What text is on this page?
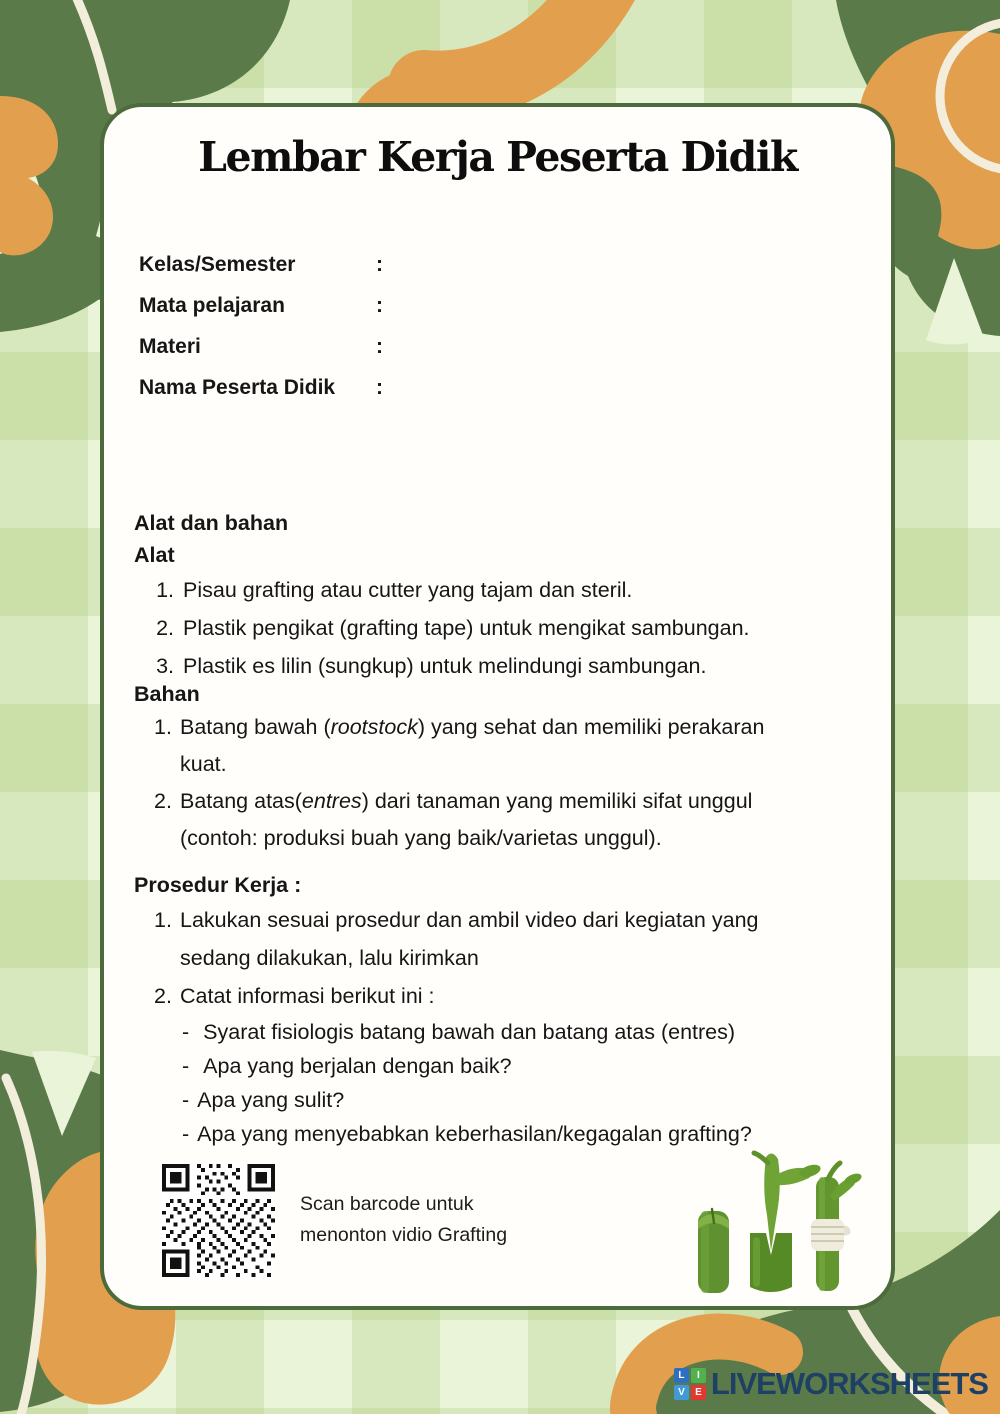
Lembar Kerja Peserta Didik
Kelas/Semester	:
Mata pelajaran	:
Materi	:
Nama Peserta Didik	:
Alat dan bahan
Alat
1. Pisau grafting atau cutter yang tajam dan steril.
2. Plastik pengikat (grafting tape) untuk mengikat sambungan.
3. Plastik es lilin (sungkup) untuk melindungi sambungan.
Bahan
1. Batang bawah (rootstock) yang sehat dan memiliki perakaran kuat.
2. Batang atas(entres) dari tanaman yang memiliki sifat unggul (contoh: produksi buah yang baik/varietas unggul).
Prosedur Kerja :
1. Lakukan sesuai prosedur dan ambil video dari kegiatan yang sedang dilakukan, lalu kirimkan
2. Catat informasi berikut ini :
- Syarat fisiologis batang bawah dan batang atas (entres)
- Apa yang berjalan dengan baik?
- Apa yang sulit?
- Apa yang menyebabkan keberhasilan/kegagalan grafting?
Scan barcode untuk
menonton vidio Grafting
L	I
V	E LIVEWORKSHEETS
